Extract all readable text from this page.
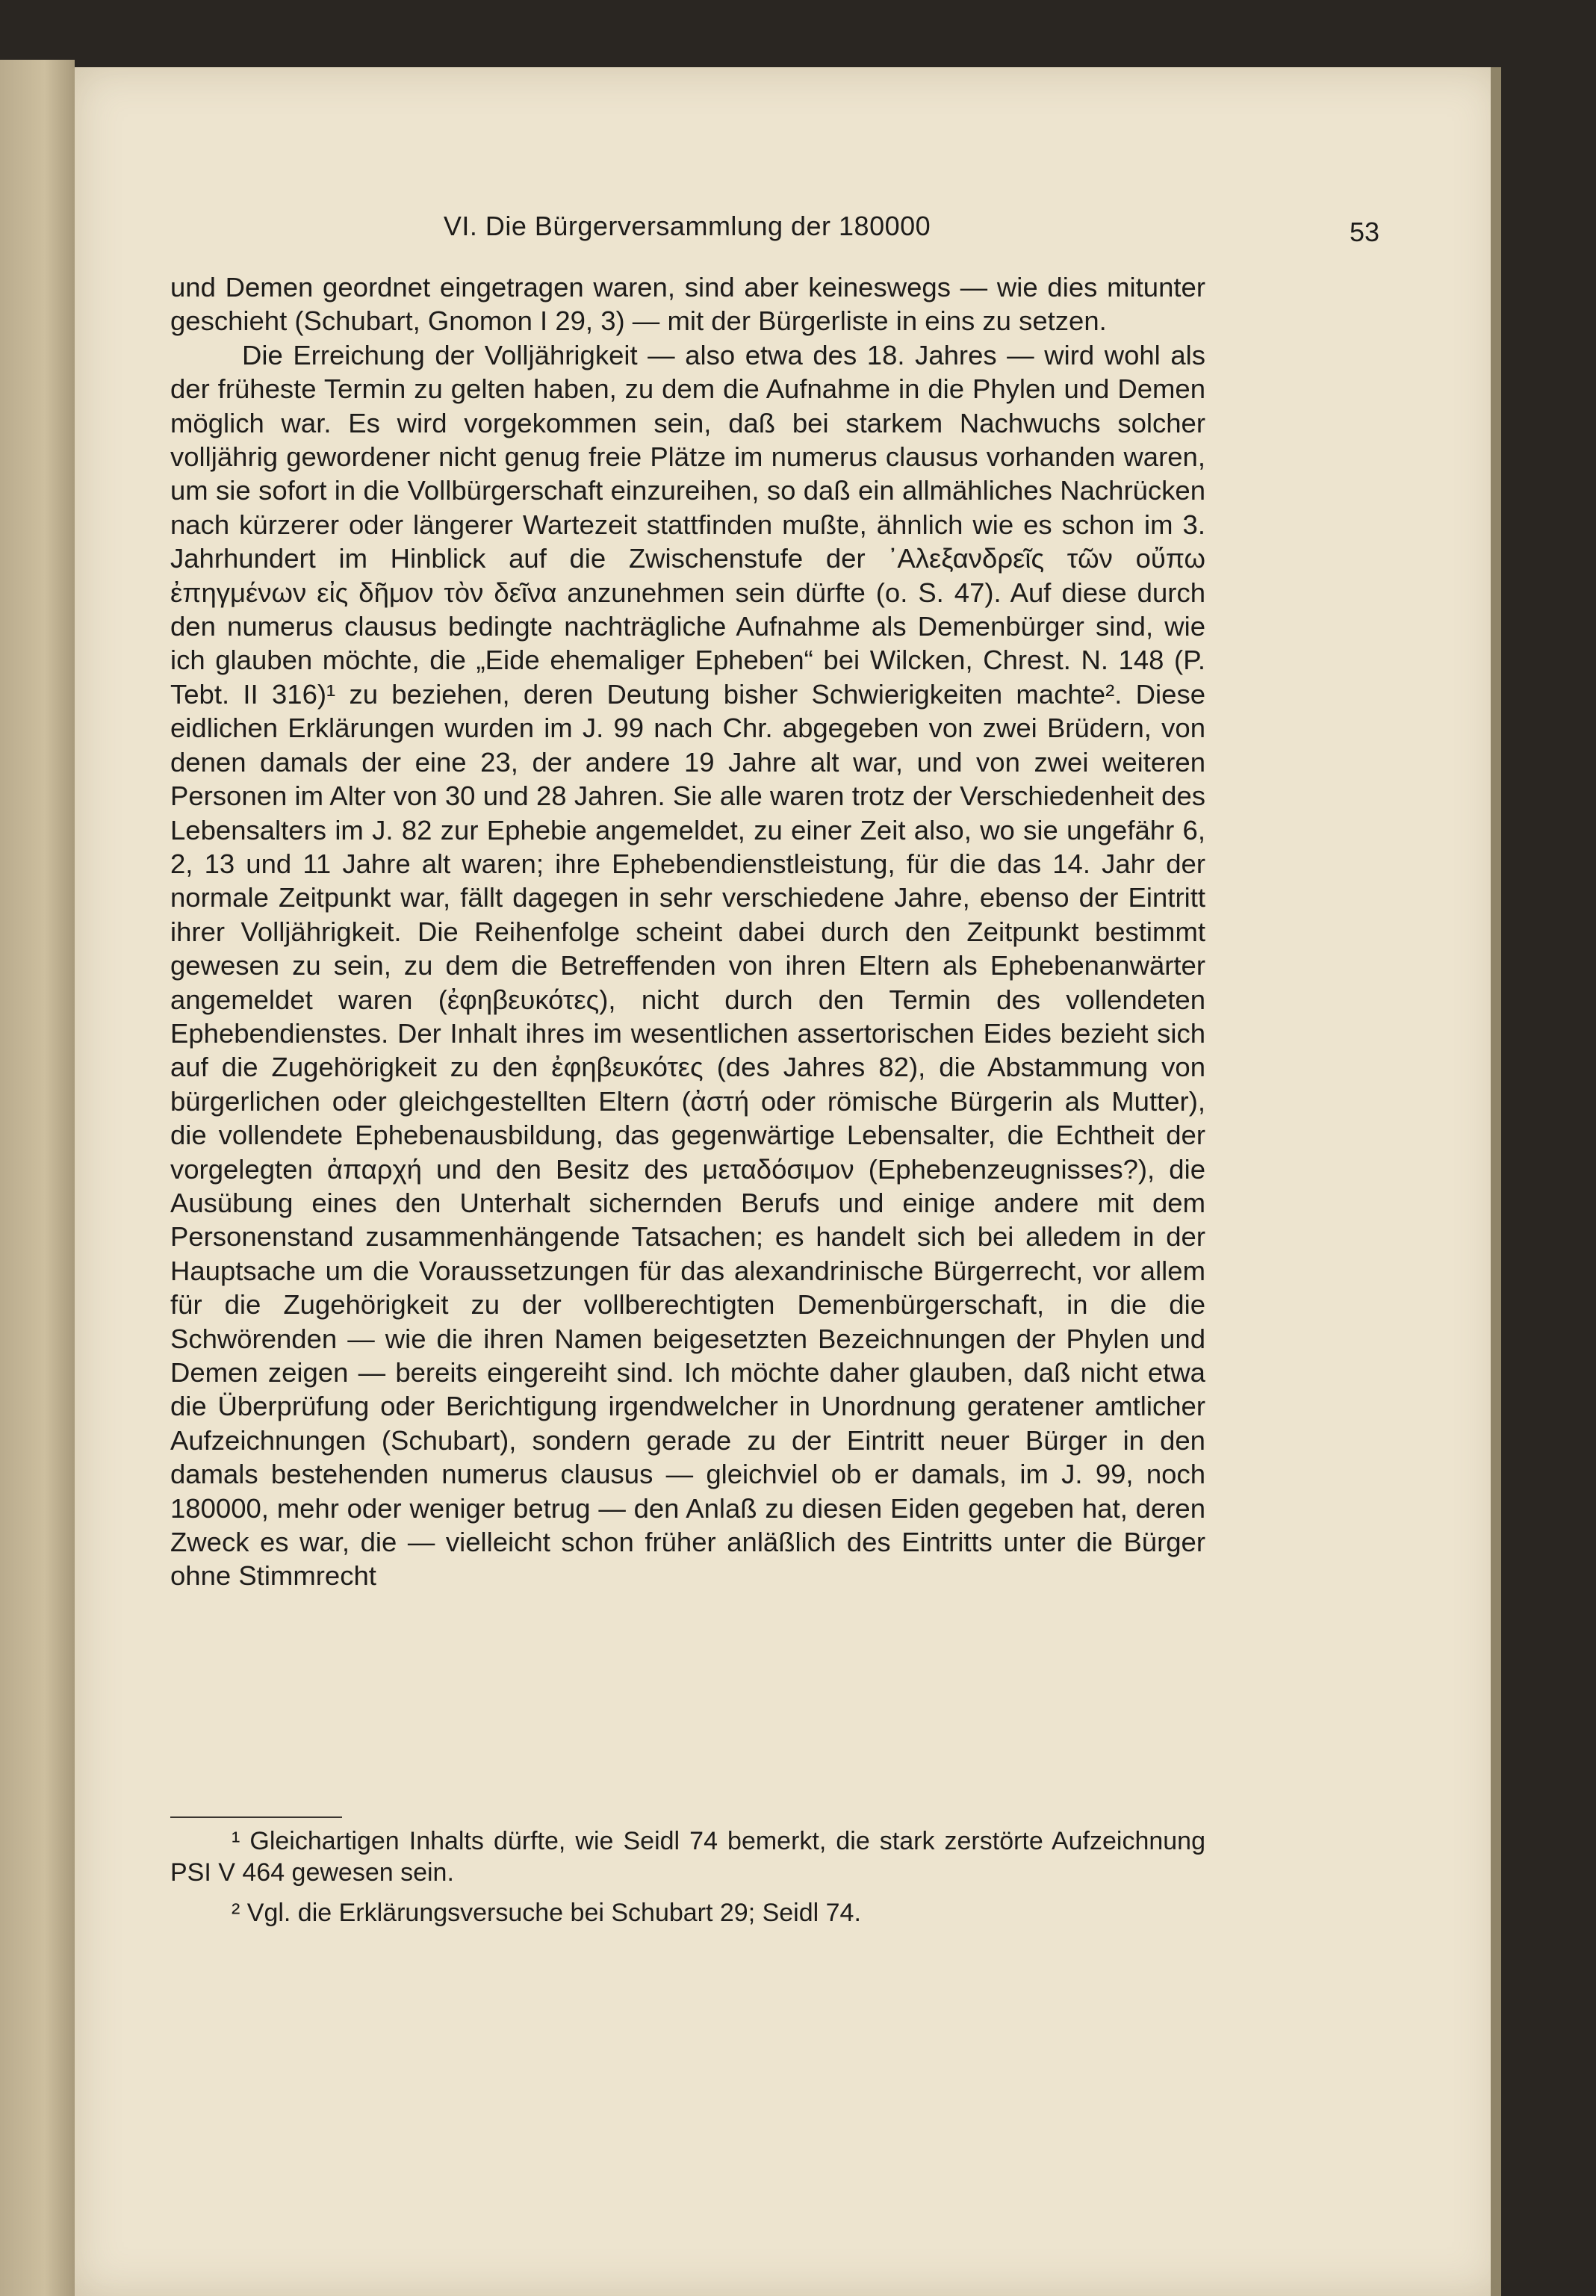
VI. Die Bürgerversammlung der 180000	53

und Demen geordnet eingetragen waren, sind aber keineswegs — wie dies mitunter geschieht (Schubart, Gnomon I 29, 3) — mit der Bürgerliste in eins zu setzen.

Die Erreichung der Volljährigkeit — also etwa des 18. Jahres — wird wohl als der früheste Termin zu gelten haben, zu dem die Aufnahme in die Phylen und Demen möglich war. Es wird vorgekommen sein, daß bei starkem Nachwuchs solcher volljährig gewordener nicht genug freie Plätze im numerus clausus vorhanden waren, um sie sofort in die Vollbürgerschaft einzureihen, so daß ein allmähliches Nachrücken nach kürzerer oder längerer Wartezeit stattfinden mußte, ähnlich wie es schon im 3. Jahrhundert im Hinblick auf die Zwischenstufe der ᾿Αλεξανδρεῖς τῶν οὔπω ἐπηγμένων εἰς δῆμον τὸν δεῖνα anzunehmen sein dürfte (o. S. 47). Auf diese durch den numerus clausus bedingte nachträgliche Aufnahme als Demenbürger sind, wie ich glauben möchte, die „Eide ehemaliger Epheben“ bei Wilcken, Chrest. N. 148 (P. Tebt. II 316)¹ zu beziehen, deren Deutung bisher Schwierigkeiten machte². Diese eidlichen Erklärungen wurden im J. 99 nach Chr. abgegeben von zwei Brüdern, von denen damals der eine 23, der andere 19 Jahre alt war, und von zwei weiteren Personen im Alter von 30 und 28 Jahren. Sie alle waren trotz der Verschiedenheit des Lebensalters im J. 82 zur Ephebie angemeldet, zu einer Zeit also, wo sie ungefähr 6, 2, 13 und 11 Jahre alt waren; ihre Ephebendienstleistung, für die das 14. Jahr der normale Zeitpunkt war, fällt dagegen in sehr verschiedene Jahre, ebenso der Eintritt ihrer Volljährigkeit. Die Reihenfolge scheint dabei durch den Zeitpunkt bestimmt gewesen zu sein, zu dem die Betreffenden von ihren Eltern als Ephebenanwärter angemeldet waren (ἐφηβευκότες), nicht durch den Termin des vollendeten Ephebendienstes. Der Inhalt ihres im wesentlichen assertorischen Eides bezieht sich auf die Zugehörigkeit zu den ἐφηβευκότες (des Jahres 82), die Abstammung von bürgerlichen oder gleichgestellten Eltern (ἀστή oder römische Bürgerin als Mutter), die vollendete Ephebenausbildung, das gegenwärtige Lebensalter, die Echtheit der vorgelegten ἀπαρχή und den Besitz des μεταδόσιμον (Ephebenzeugnisses?), die Ausübung eines den Unterhalt sichernden Berufs und einige andere mit dem Personenstand zusammenhängende Tatsachen; es handelt sich bei alledem in der Hauptsache um die Voraussetzungen für das alexandrinische Bürgerrecht, vor allem für die Zugehörigkeit zu der vollberechtigten Demenbürgerschaft, in die die Schwörenden — wie die ihren Namen beigesetzten Bezeichnungen der Phylen und Demen zeigen — bereits eingereiht sind. Ich möchte daher glauben, daß nicht etwa die Überprüfung oder Berichtigung irgendwelcher in Unordnung geratener amtlicher Aufzeichnungen (Schubart), sondern gerade zu der Eintritt neuer Bürger in den damals bestehenden numerus clausus — gleichviel ob er damals, im J. 99, noch 180000, mehr oder weniger betrug — den Anlaß zu diesen Eiden gegeben hat, deren Zweck es war, die — vielleicht schon früher anläßlich des Eintritts unter die Bürger ohne Stimmrecht

¹ Gleichartigen Inhalts dürfte, wie Seidl 74 bemerkt, die stark zerstörte Aufzeichnung PSI V 464 gewesen sein.

² Vgl. die Erklärungsversuche bei Schubart 29; Seidl 74.
